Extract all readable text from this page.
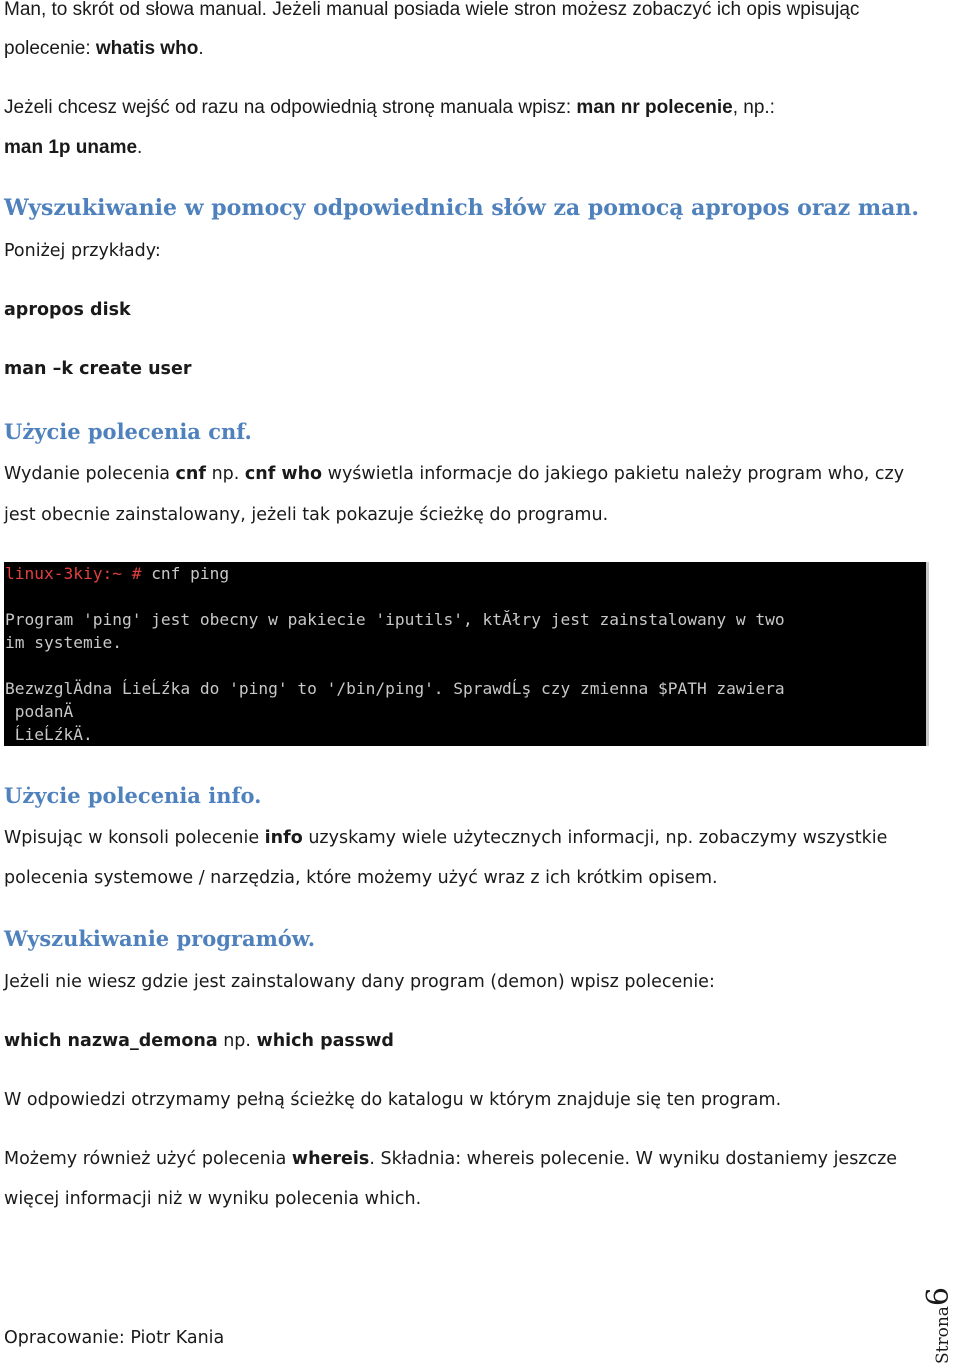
Man, to skrót od słowa manual. Jeżeli manual posiada wiele stron możesz zobaczyć ich opis wpisując

polecenie: whatis who.

Jeżeli chcesz wejść od razu na odpowiednią stronę manuala wpisz: man nr polecenie, np.:

man 1p uname.

Wyszukiwanie w pomocy odpowiednich słów za pomocą apropos oraz man.

Poniżej przykłady:

apropos disk

man –k create user

Użycie polecenia cnf.

Wydanie polecenia cnf np. cnf who wyświetla informacje do jakiego pakietu należy program who, czy

jest obecnie zainstalowany, jeżeli tak pokazuje ścieżkę do programu.

linux-3kiy:~ # cnf ping
Program 'ping' jest obecny w pakiecie 'iputils', ktĂłry jest zainstalowany w two
im systemie.
BezwzglÄdna ĹieĹźka do 'ping' to '/bin/ping'. SprawdĹş czy zmienna $PATH zawiera
podanÄ
ĹieĹźkÄ.

Użycie polecenia info.

Wpisując w konsoli polecenie info uzyskamy wiele użytecznych informacji, np. zobaczymy wszystkie

polecenia systemowe / narzędzia, które możemy użyć wraz z ich krótkim opisem.

Wyszukiwanie programów.

Jeżeli nie wiesz gdzie jest zainstalowany dany program (demon) wpisz polecenie:

which nazwa_demona np. which passwd

W odpowiedzi otrzymamy pełną ścieżkę do katalogu w którym znajduje się ten program.

Możemy również użyć polecenia whereis. Składnia: whereis polecenie. W wyniku dostaniemy jeszcze

więcej informacji niż w wyniku polecenia which.

Opracowanie: Piotr Kania	Strona6
